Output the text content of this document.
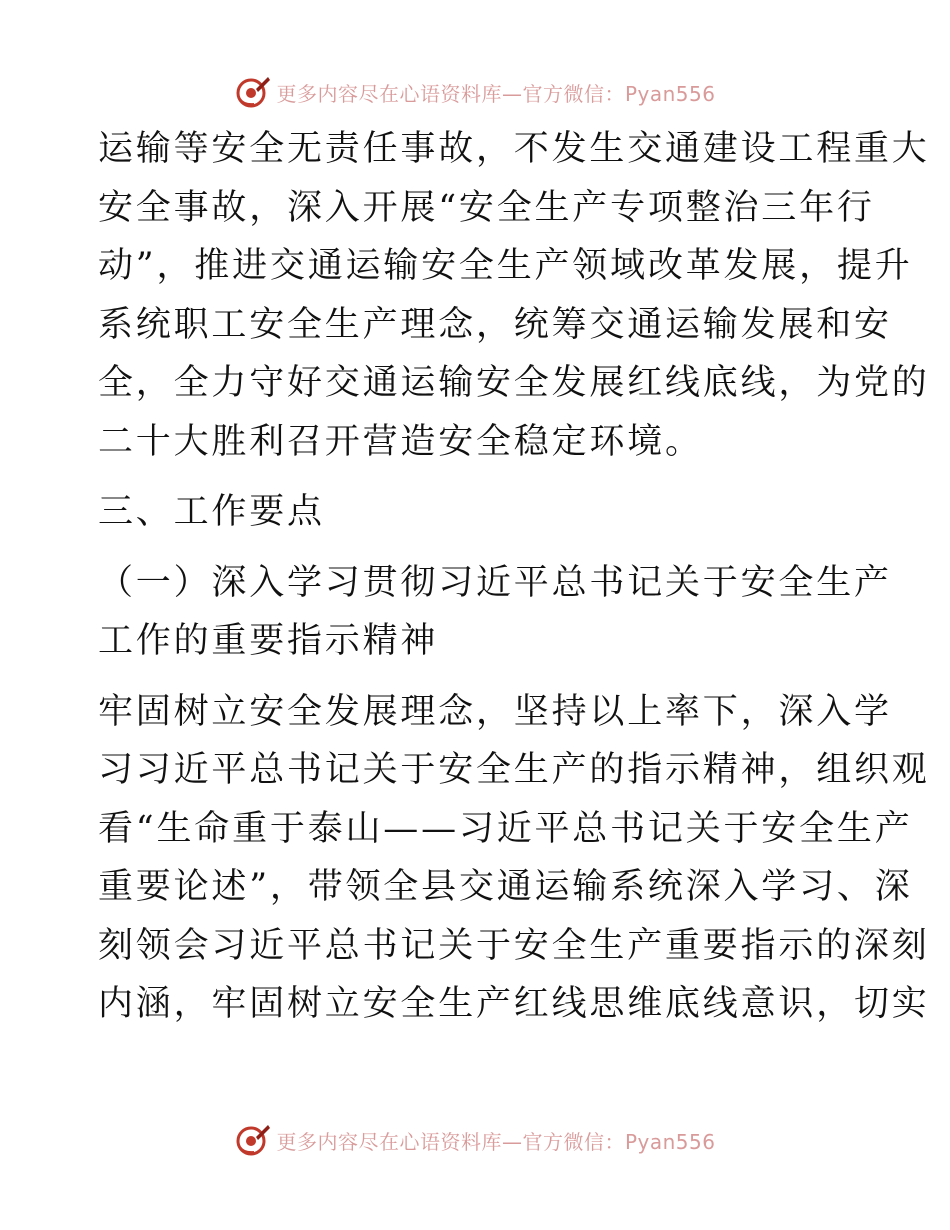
更多内容尽在心语资料库—官方微信：Pyan556
运输等安全无责任事故，不发生交通建设工程重大
安全事故，深入开展“安全生产专项整治三年行
动”，推进交通运输安全生产领域改革发展，提升
系统职工安全生产理念，统筹交通运输发展和安
全，全力守好交通运输安全发展红线底线，为党的
二十大胜利召开营造安全稳定环境。
三、工作要点
（一）深入学习贯彻习近平总书记关于安全生产
工作的重要指示精神
牢固树立安全发展理念，坚持以上率下，深入学
习习近平总书记关于安全生产的指示精神，组织观
看“生命重于泰山——习近平总书记关于安全生产
重要论述”，带领全县交通运输系统深入学习、深
刻领会习近平总书记关于安全生产重要指示的深刻
内涵，牢固树立安全生产红线思维底线意识，切实
更多内容尽在心语资料库—官方微信：Pyan556
